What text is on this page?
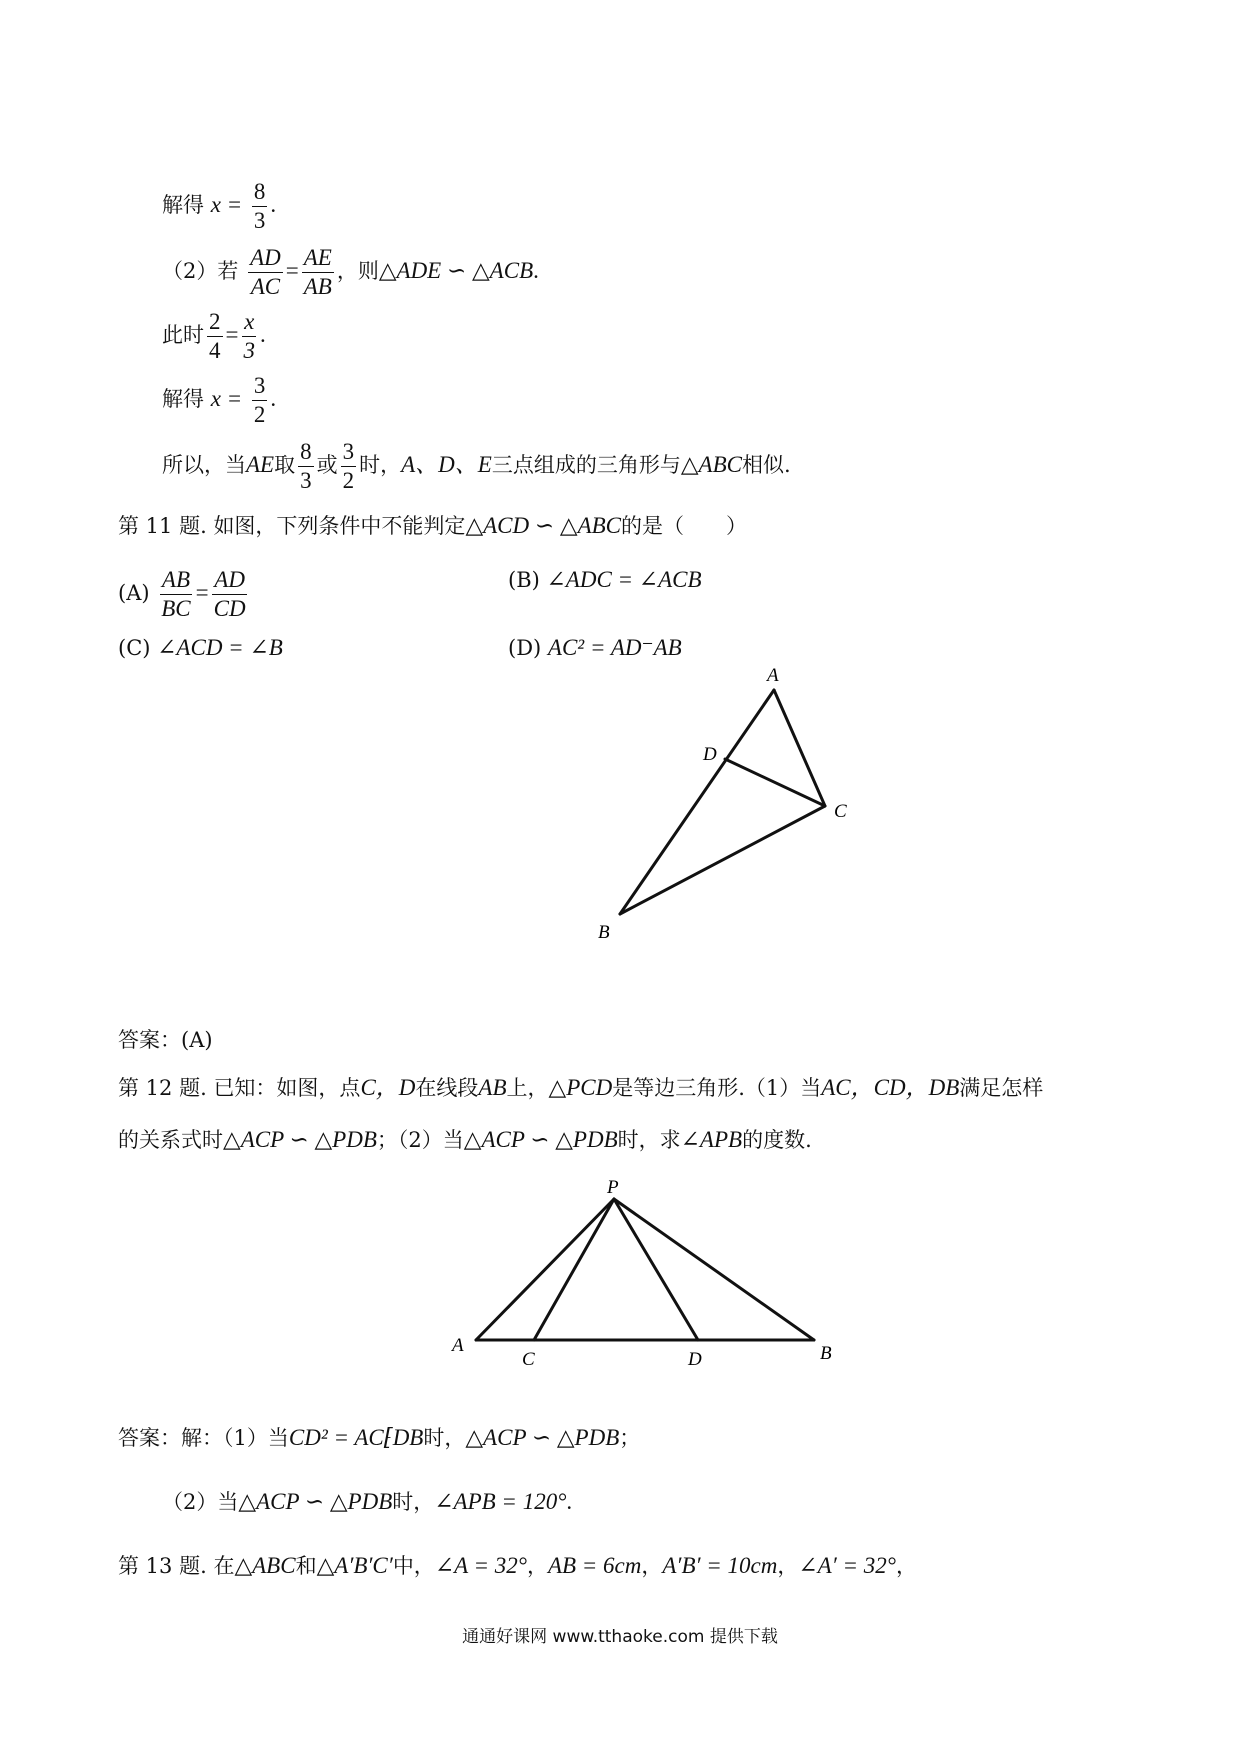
解得 $x = \frac{8}{3}$ .
（2）若 $\frac{AD}{AC} = \frac{AE}{AB}$ ，则△ADE ∽ △ACB.
此时 $\frac{2}{4} = \frac{x}{3}$ .
解得 $x = \frac{3}{2}$ .
所以，当AE取 $\frac{8}{3}$ 或 $\frac{3}{2}$ 时，A、D、E三点组成的三角形与△ABC相似.
第 11 题. 如图，下列条件中不能判定△ACD ∽ △ABC的是（　　）
$(A) \frac{AB}{BC} = \frac{AD}{CD}$	(B) ∠ADC = ∠ACB
(C) ∠ACD = ∠B	(D) AC² = AD⁻AB
A
D
C
B
答案：(A)
第 12 题. 已知：如图，点C，D在线段AB上，△PCD是等边三角形.（1）当AC，CD，DB满足怎样
的关系式时△ACP ∽ △PDB；（2）当△ACP ∽ △PDB时，求∠APB的度数.
P
A
C	D	B
答案：解：（1）当CD² = AC⁅DB时，△ACP ∽ △PDB；
（2）当△ACP ∽ △PDB时，∠APB = 120°.
第 13 题. 在△ABC和△A′B′C′中，∠A = 32°，AB = 6cm，A′B′ = 10cm，∠A′ = 32°，
通通好课网 www.tthaoke.com 提供下载
